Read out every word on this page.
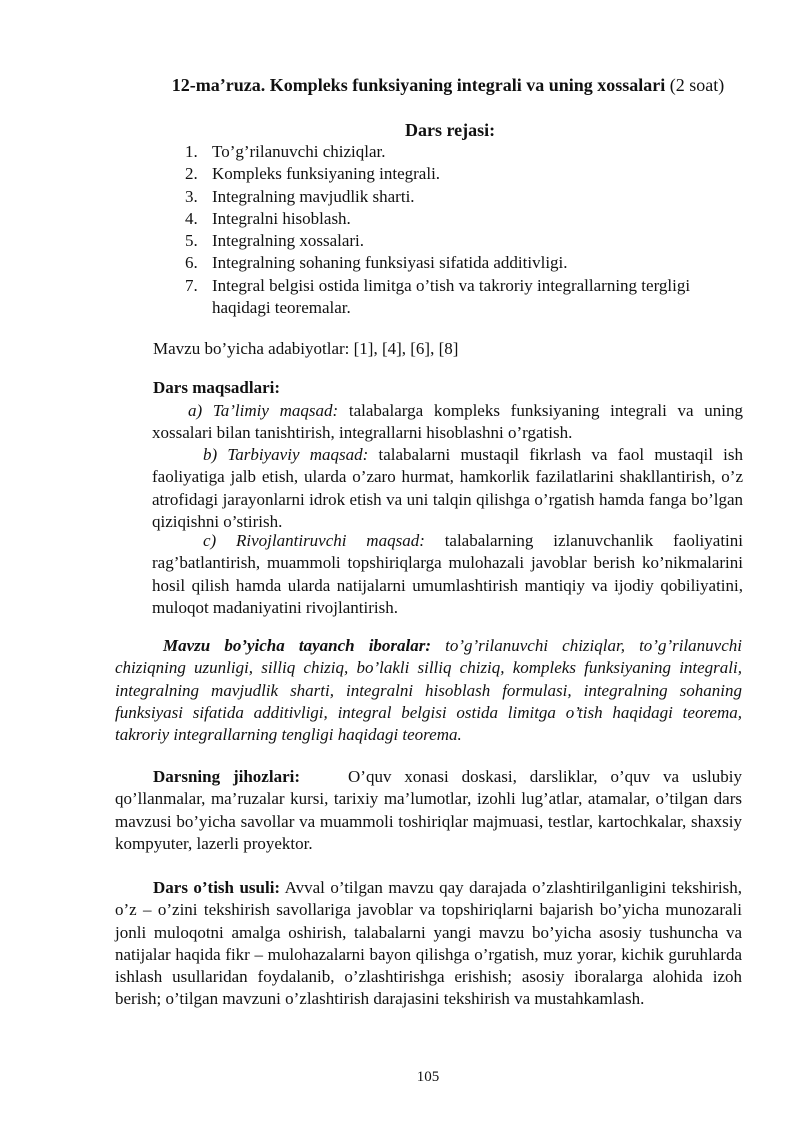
12-ma’ruza. Kompleks funksiyaning integrali va uning xossalari (2 soat)
Dars rejasi:
1. To’g’rilanuvchi chiziqlar.
2. Kompleks funksiyaning integrali.
3. Integralning mavjudlik sharti.
4. Integralni hisoblash.
5. Integralning xossalari.
6. Integralning sohaning funksiyasi sifatida additivligi.
7. Integral belgisi ostida limitga o’tish va takroriy integrallarning tergligi haqidagi teoremalar.
Mavzu bo’yicha adabiyotlar: [1], [4], [6], [8]
Dars maqsadlari:
a) Ta’limiy maqsad: talabalarga kompleks funksiyaning integrali va uning xossalari bilan tanishtirish, integrallarni hisoblashni o’rgatish.
b) Tarbiyaviy maqsad: talabalarni mustaqil fikrlash va faol mustaqil ish faoliyatiga jalb etish, ularda o’zaro hurmat, hamkorlik fazilatlarini shakllantirish, o’z atrofidagi jarayonlarni idrok etish va uni talqin qilishga o’rgatish hamda fanga bo’lgan qiziqishni o’stirish.
c) Rivojlantiruvchi maqsad: talabalarning izlanuvchanlik faoliyatini rag’batlantirish, muammoli topshiriqlarga mulohazali javoblar berish ko’nikmalarini hosil qilish hamda ularda natijalarni umumlashtirish mantiqiy va ijodiy qobiliyatini, muloqot madaniyatini rivojlantirish.
Mavzu bo’yicha tayanch iboralar: to’g’rilanuvchi chiziqlar, to’g’rilanuvchi chiziqning uzunligi, silliq chiziq, bo’lakli silliq chiziq, kompleks funksiyaning integrali, integralning mavjudlik sharti, integralni hisoblash formulasi, integralning sohaning funksiyasi sifatida additivligi, integral belgisi ostida limitga o’tish haqidagi teorema, takroriy integrallarning tengligi haqidagi teorema.
Darsning jihozlari:	O’quv xonasi doskasi, darsliklar, o’quv va uslubiy qo’llanmalar, ma’ruzalar kursi, tarixiy ma’lumotlar, izohli lug’atlar, atamalar, o’tilgan dars mavzusi bo’yicha savollar va muammoli toshiriqlar majmuasi, testlar, kartochkalar, shaxsiy kompyuter, lazerli proyektor.
Dars o’tish usuli: Avval o’tilgan mavzu qay darajada o’zlashtirilganligini tekshirish, o’z – o’zini tekshirish savollariga javoblar va topshiriqlarni bajarish bo’yicha munozarali jonli muloqotni amalga oshirish, talabalarni yangi mavzu bo’yicha asosiy tushuncha va natijalar haqida fikr – mulohazalarni bayon qilishga o’rgatish, muz yorar, kichik guruhlarda ishlash usullaridan foydalanib, o’zlashtirishga erishish; asosiy iboralarga alohida izoh berish; o’tilgan mavzuni o’zlashtirish darajasini tekshirish va mustahkamlash.
105
